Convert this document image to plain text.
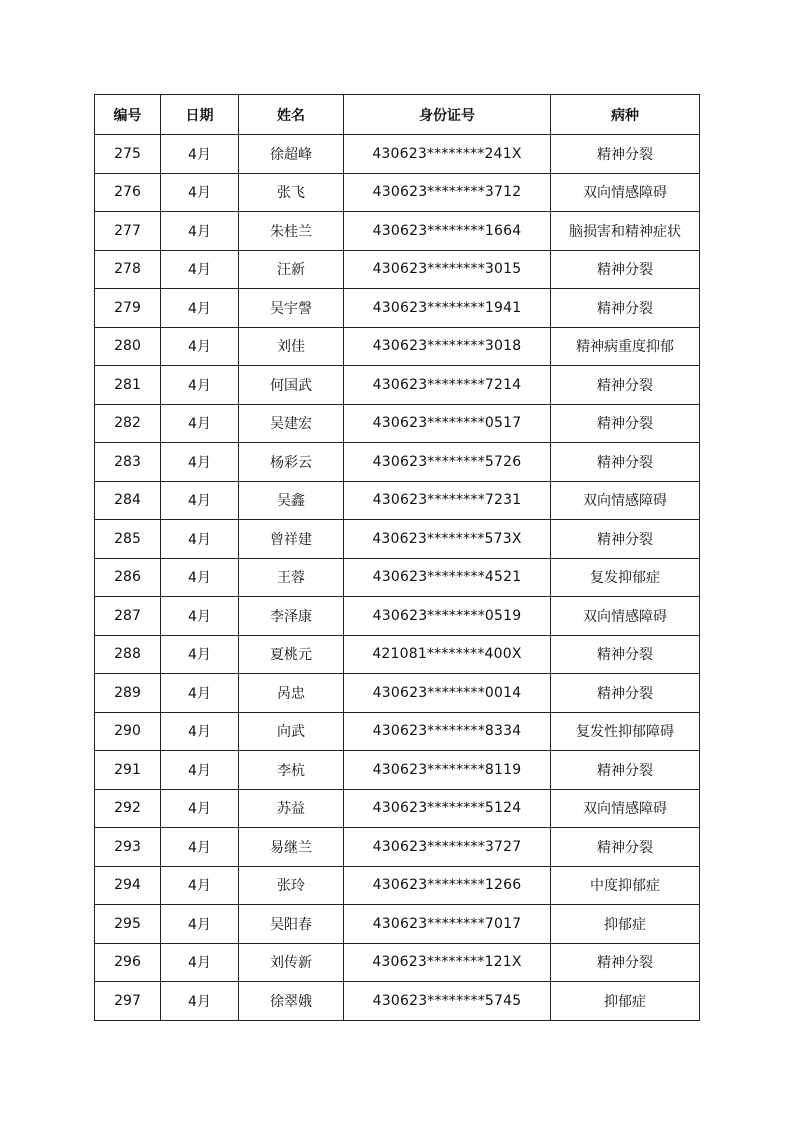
编号	日期	姓名	身份证号	病种
275	4月	徐超峰	430623********241X	精神分裂
276	4月	张飞	430623********3712	双向情感障碍
277	4月	朱桂兰	430623********1664	脑损害和精神症状
278	4月	汪新	430623********3015	精神分裂
279	4月	吴宇謦	430623********1941	精神分裂
280	4月	刘佳	430623********3018	精神病重度抑郁
281	4月	何国武	430623********7214	精神分裂
282	4月	吴建宏	430623********0517	精神分裂
283	4月	杨彩云	430623********5726	精神分裂
284	4月	吴鑫	430623********7231	双向情感障碍
285	4月	曾祥建	430623********573X	精神分裂
286	4月	王蓉	430623********4521	复发抑郁症
287	4月	李泽康	430623********0519	双向情感障碍
288	4月	夏桃元	421081********400X	精神分裂
289	4月	呙忠	430623********0014	精神分裂
290	4月	向武	430623********8334	复发性抑郁障碍
291	4月	李杭	430623********8119	精神分裂
292	4月	苏益	430623********5124	双向情感障碍
293	4月	易继兰	430623********3727	精神分裂
294	4月	张玲	430623********1266	中度抑郁症
295	4月	吴阳春	430623********7017	抑郁症
296	4月	刘传新	430623********121X	精神分裂
297	4月	徐翠娥	430623********5745	抑郁症
